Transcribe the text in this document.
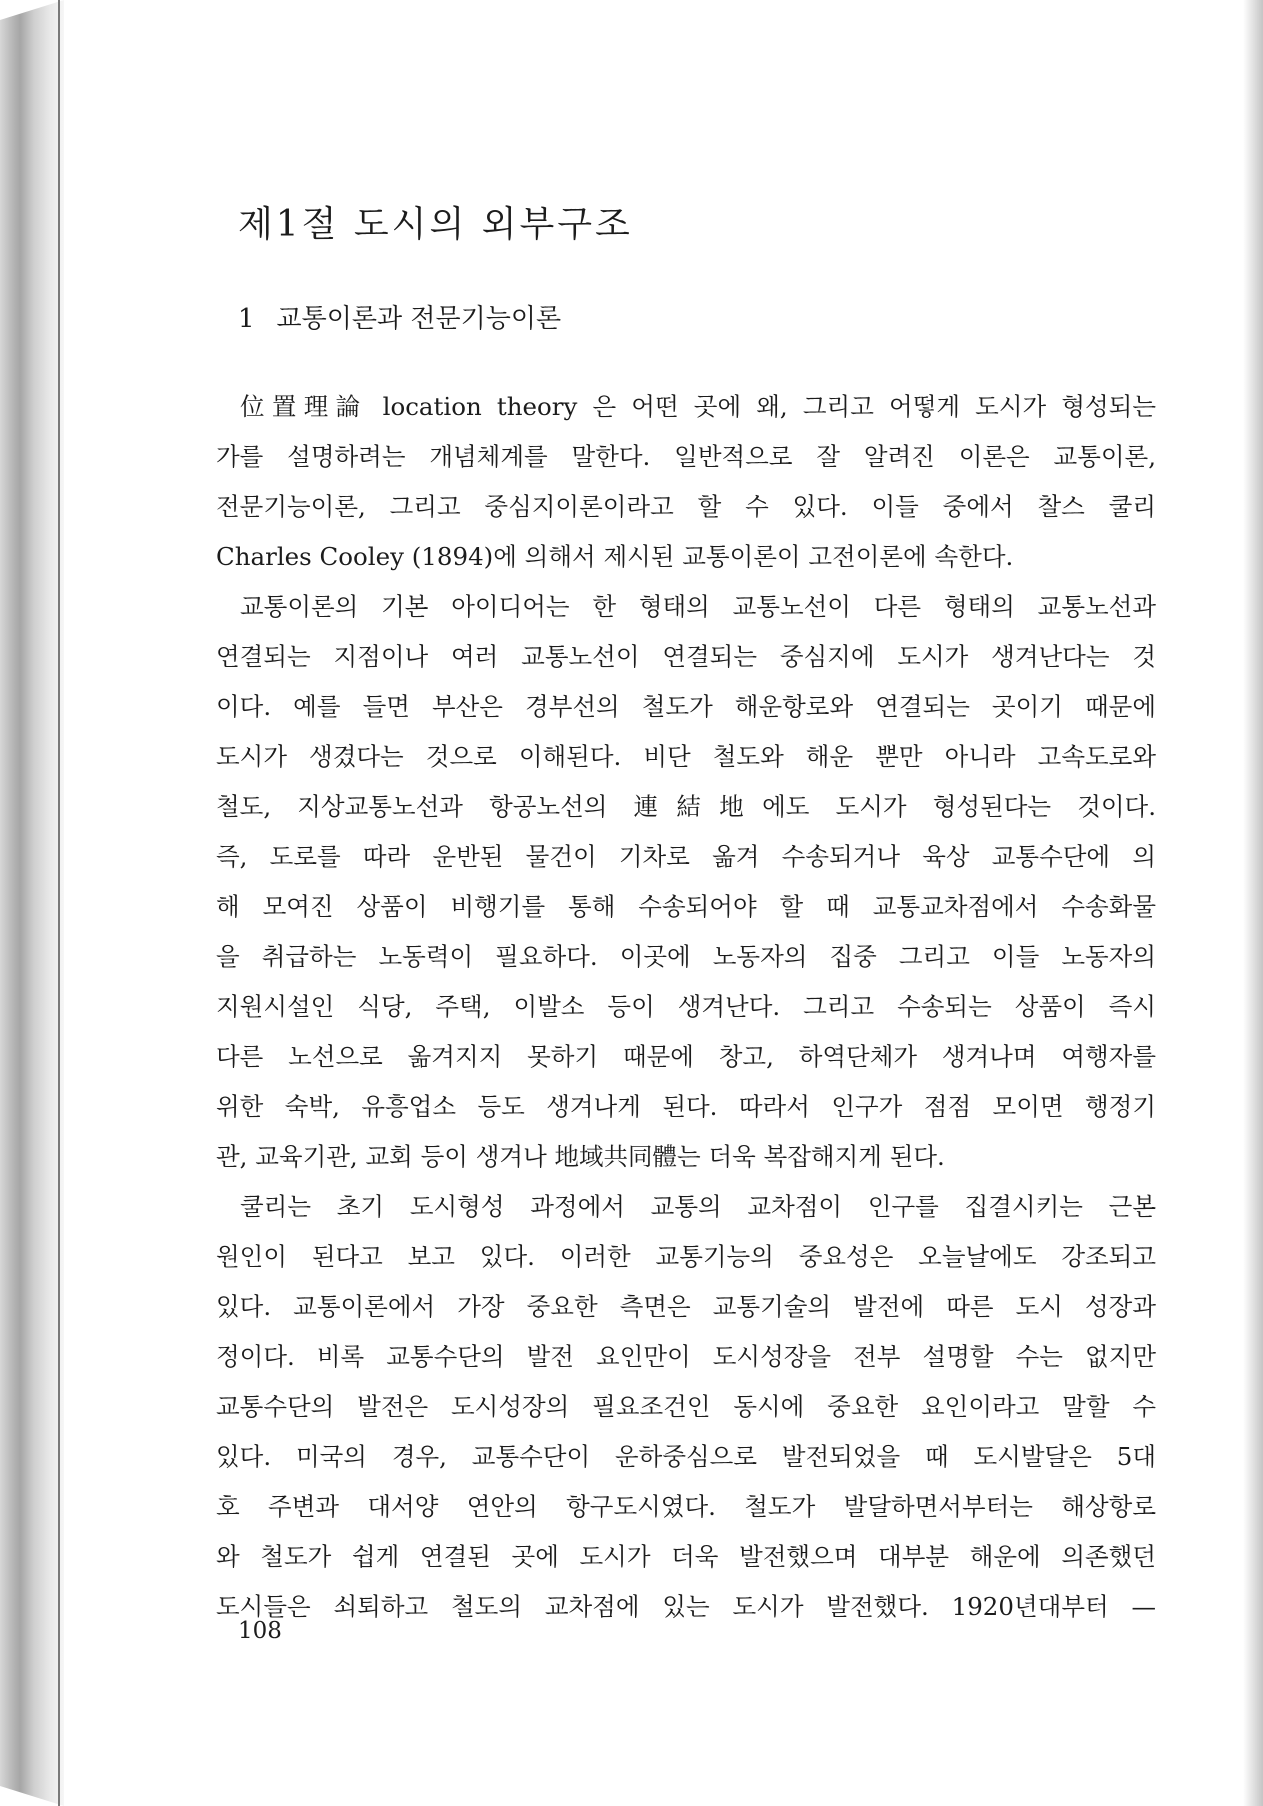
제1절 도시의 외부구조
1 교통이론과 전문기능이론
位置理論 location theory 은 어떤 곳에 왜, 그리고 어떻게 도시가 형성되는
가를 설명하려는 개념체계를 말한다. 일반적으로 잘 알려진 이론은 교통이론,
전문기능이론, 그리고 중심지이론이라고 할 수 있다. 이들 중에서 찰스 쿨리
Charles Cooley (1894)에 의해서 제시된 교통이론이 고전이론에 속한다.
교통이론의 기본 아이디어는 한 형태의 교통노선이 다른 형태의 교통노선과
연결되는 지점이나 여러 교통노선이 연결되는 중심지에 도시가 생겨난다는 것
이다. 예를 들면 부산은 경부선의 철도가 해운항로와 연결되는 곳이기 때문에
도시가 생겼다는 것으로 이해된다. 비단 철도와 해운 뿐만 아니라 고속도로와
철도, 지상교통노선과 항공노선의 連結地에도 도시가 형성된다는 것이다.
즉, 도로를 따라 운반된 물건이 기차로 옮겨 수송되거나 육상 교통수단에 의
해 모여진 상품이 비행기를 통해 수송되어야 할 때 교통교차점에서 수송화물
을 취급하는 노동력이 필요하다. 이곳에 노동자의 집중 그리고 이들 노동자의
지원시설인 식당, 주택, 이발소 등이 생겨난다. 그리고 수송되는 상품이 즉시
다른 노선으로 옮겨지지 못하기 때문에 창고, 하역단체가 생겨나며 여행자를
위한 숙박, 유흥업소 등도 생겨나게 된다. 따라서 인구가 점점 모이면 행정기
관, 교육기관, 교회 등이 생겨나 地域共同體는 더욱 복잡해지게 된다.
쿨리는 초기 도시형성 과정에서 교통의 교차점이 인구를 집결시키는 근본
원인이 된다고 보고 있다. 이러한 교통기능의 중요성은 오늘날에도 강조되고
있다. 교통이론에서 가장 중요한 측면은 교통기술의 발전에 따른 도시 성장과
정이다. 비록 교통수단의 발전 요인만이 도시성장을 전부 설명할 수는 없지만
교통수단의 발전은 도시성장의 필요조건인 동시에 중요한 요인이라고 말할 수
있다. 미국의 경우, 교통수단이 운하중심으로 발전되었을 때 도시발달은 5대
호 주변과 대서양 연안의 항구도시였다. 철도가 발달하면서부터는 해상항로
와 철도가 쉽게 연결된 곳에 도시가 더욱 발전했으며 대부분 해운에 의존했던
도시들은 쇠퇴하고 철도의 교차점에 있는 도시가 발전했다. 1920년대부터 —
108
